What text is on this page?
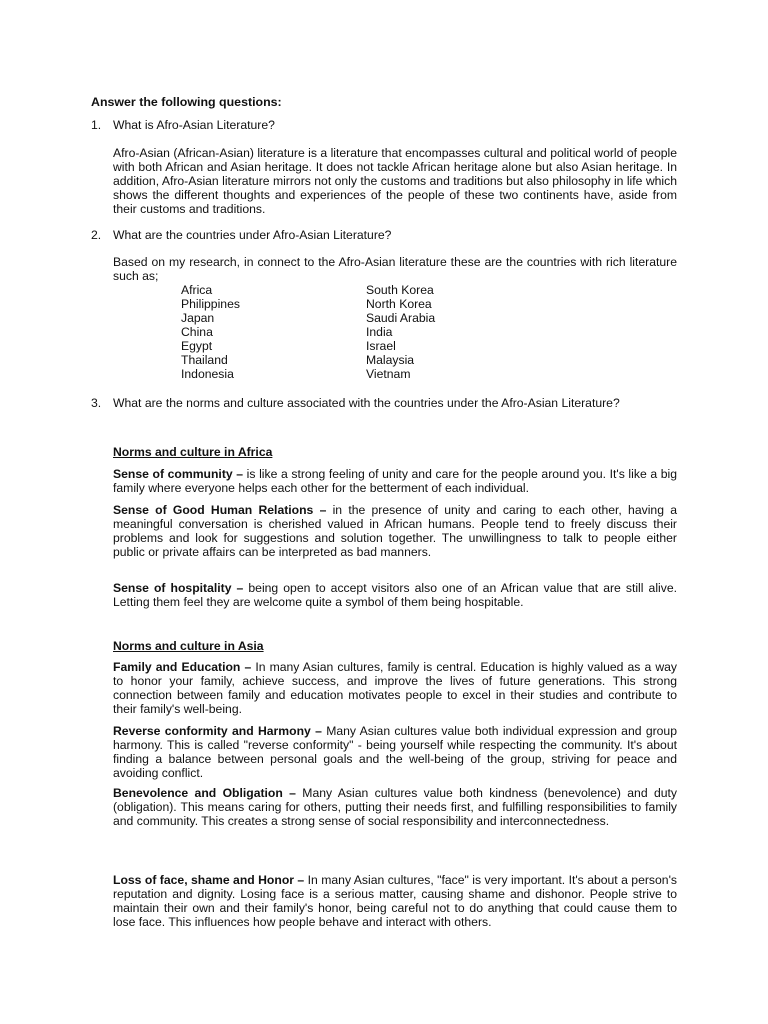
Answer the following questions:
1. What is Afro-Asian Literature?
Afro-Asian (African-Asian) literature is a literature that encompasses cultural and political world of people with both African and Asian heritage. It does not tackle African heritage alone but also Asian heritage. In addition, Afro-Asian literature mirrors not only the customs and traditions but also philosophy in life which shows the different thoughts and experiences of the people of these two continents have, aside from their customs and traditions.
2. What are the countries under Afro-Asian Literature?
Based on my research, in connect to the Afro-Asian literature these are the countries with rich literature such as;
Africa	South Korea
Philippines	North Korea
Japan	Saudi Arabia
China	India
Egypt	Israel
Thailand	Malaysia
Indonesia	Vietnam
3. What are the norms and culture associated with the countries under the Afro-Asian Literature?
Norms and culture in Africa
Sense of community – is like a strong feeling of unity and care for the people around you. It's like a big family where everyone helps each other for the betterment of each individual.
Sense of Good Human Relations – in the presence of unity and caring to each other, having a meaningful conversation is cherished valued in African humans. People tend to freely discuss their problems and look for suggestions and solution together. The unwillingness to talk to people either public or private affairs can be interpreted as bad manners.
Sense of hospitality – being open to accept visitors also one of an African value that are still alive. Letting them feel they are welcome quite a symbol of them being hospitable.
Norms and culture in Asia
Family and Education – In many Asian cultures, family is central. Education is highly valued as a way to honor your family, achieve success, and improve the lives of future generations. This strong connection between family and education motivates people to excel in their studies and contribute to their family's well-being.
Reverse conformity and Harmony – Many Asian cultures value both individual expression and group harmony. This is called "reverse conformity" - being yourself while respecting the community. It's about finding a balance between personal goals and the well-being of the group, striving for peace and avoiding conflict.
Benevolence and Obligation – Many Asian cultures value both kindness (benevolence) and duty (obligation). This means caring for others, putting their needs first, and fulfilling responsibilities to family and community. This creates a strong sense of social responsibility and interconnectedness.
Loss of face, shame and Honor – In many Asian cultures, "face" is very important. It's about a person's reputation and dignity. Losing face is a serious matter, causing shame and dishonor. People strive to maintain their own and their family's honor, being careful not to do anything that could cause them to lose face. This influences how people behave and interact with others.
